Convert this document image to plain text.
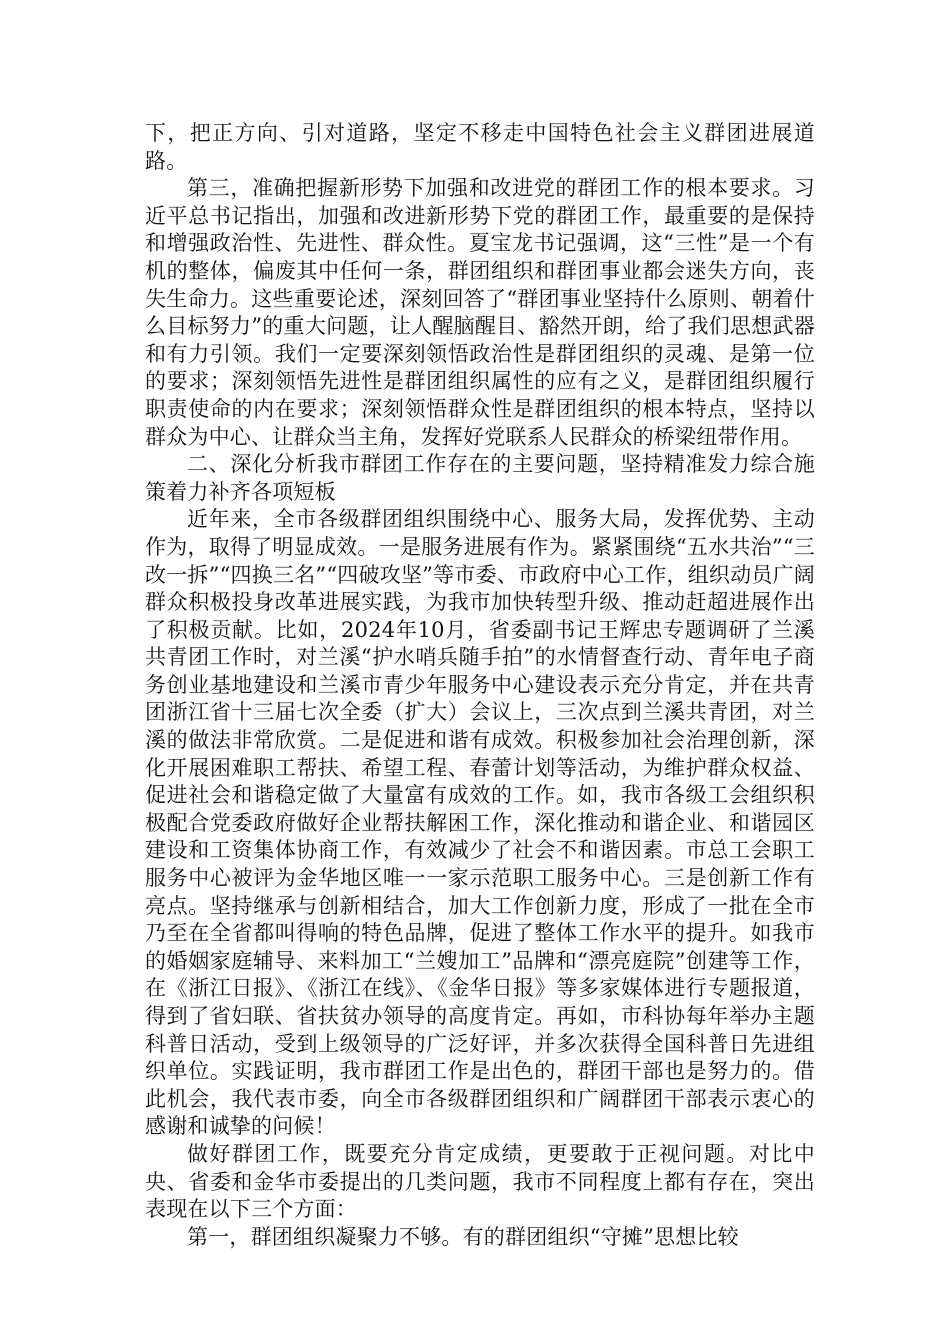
下，把正方向、引对道路，坚定不移走中国特色社会主义群团进展道路。

第三，准确把握新形势下加强和改进党的群团工作的根本要求。习近平总书记指出，加强和改进新形势下党的群团工作，最重要的是保持和增强政治性、先进性、群众性。夏宝龙书记强调，这“三性”是一个有机的整体，偏废其中任何一条，群团组织和群团事业都会迷失方向，丧失生命力。这些重要论述，深刻回答了“群团事业坚持什么原则、朝着什么目标努力”的重大问题，让人醒脑醒目、豁然开朗，给了我们思想武器和有力引领。我们一定要深刻领悟政治性是群团组织的灵魂、是第一位的要求；深刻领悟先进性是群团组织属性的应有之义，是群团组织履行职责使命的内在要求；深刻领悟群众性是群团组织的根本特点，坚持以群众为中心、让群众当主角，发挥好党联系人民群众的桥梁纽带作用。

二、深化分析我市群团工作存在的主要问题，坚持精准发力综合施策着力补齐各项短板

近年来，全市各级群团组织围绕中心、服务大局，发挥优势、主动作为，取得了明显成效。一是服务进展有作为。紧紧围绕“五水共治”“三改一拆”“四换三名”“四破攻坚”等市委、市政府中心工作，组织动员广阔群众积极投身改革进展实践，为我市加快转型升级、推动赶超进展作出了积极贡献。比如，2024年10月，省委副书记王辉忠专题调研了兰溪共青团工作时，对兰溪“护水哨兵随手拍”的水情督查行动、青年电子商务创业基地建设和兰溪市青少年服务中心建设表示充分肯定，并在共青团浙江省十三届七次全委（扩大）会议上，三次点到兰溪共青团，对兰溪的做法非常欣赏。二是促进和谐有成效。积极参加社会治理创新，深化开展困难职工帮扶、希望工程、春蕾计划等活动，为维护群众权益、促进社会和谐稳定做了大量富有成效的工作。如，我市各级工会组织积极配合党委政府做好企业帮扶解困工作，深化推动和谐企业、和谐园区建设和工资集体协商工作，有效减少了社会不和谐因素。市总工会职工服务中心被评为金华地区唯一一家示范职工服务中心。三是创新工作有亮点。坚持继承与创新相结合，加大工作创新力度，形成了一批在全市乃至在全省都叫得响的特色品牌，促进了整体工作水平的提升。如我市的婚姻家庭辅导、来料加工“兰嫂加工”品牌和“漂亮庭院”创建等工作，在《浙江日报》、《浙江在线》、《金华日报》等多家媒体进行专题报道，得到了省妇联、省扶贫办领导的高度肯定。再如，市科协每年举办主题科普日活动，受到上级领导的广泛好评，并多次获得全国科普日先进组织单位。实践证明，我市群团工作是出色的，群团干部也是努力的。借此机会，我代表市委，向全市各级群团组织和广阔群团干部表示衷心的感谢和诚挚的问候！

做好群团工作，既要充分肯定成绩，更要敢于正视问题。对比中央、省委和金华市委提出的几类问题，我市不同程度上都有存在，突出表现在以下三个方面：

第一，群团组织凝聚力不够。有的群团组织“守摊”思想比较
